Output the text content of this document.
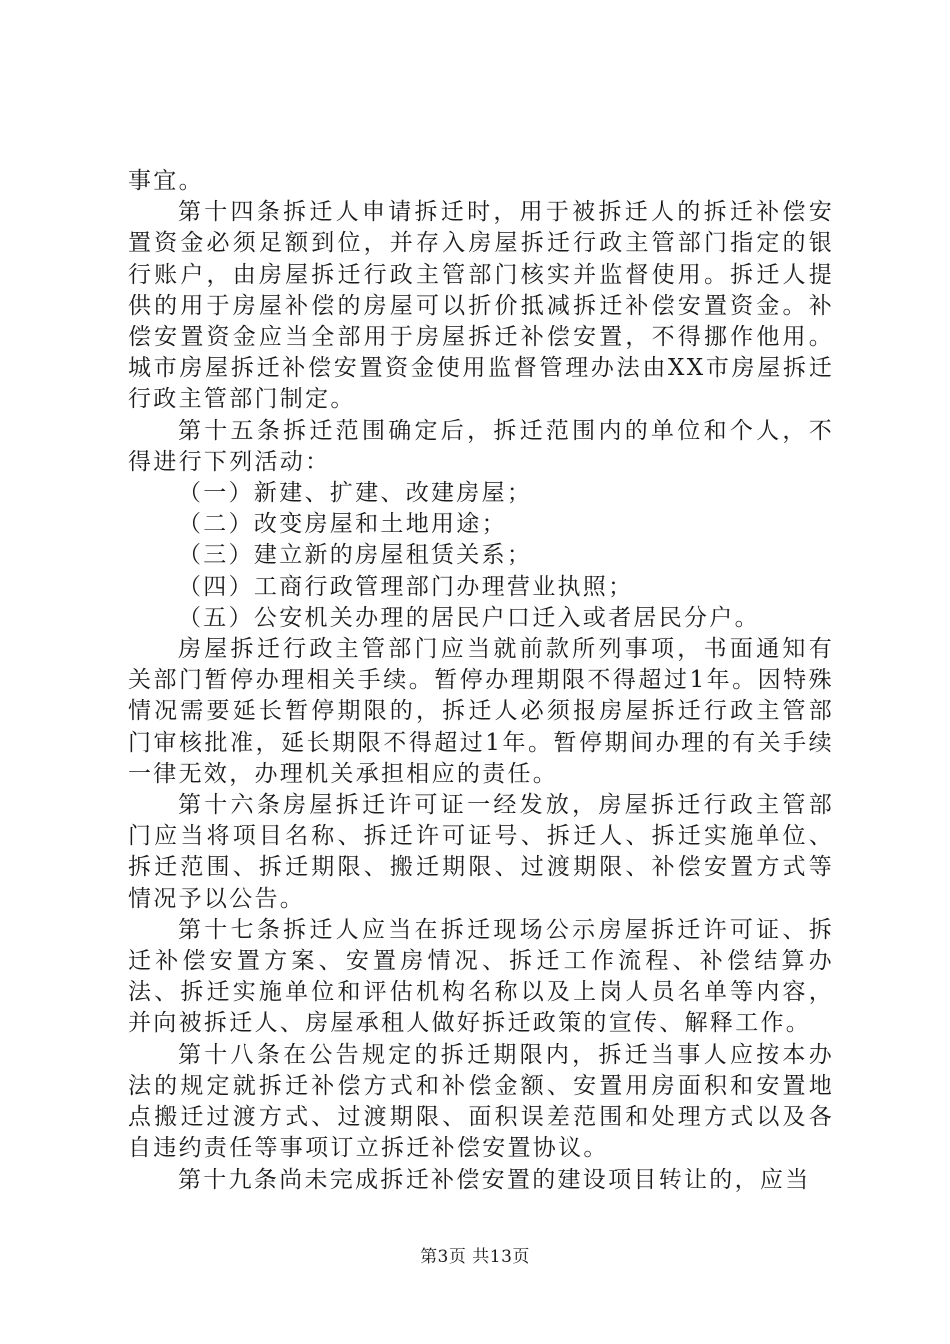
事宜。

第十四条拆迁人申请拆迁时，用于被拆迁人的拆迁补偿安置资金必须足额到位，并存入房屋拆迁行政主管部门指定的银行账户，由房屋拆迁行政主管部门核实并监督使用。拆迁人提供的用于房屋补偿的房屋可以折价抵减拆迁补偿安置资金。补偿安置资金应当全部用于房屋拆迁补偿安置，不得挪作他用。城市房屋拆迁补偿安置资金使用监督管理办法由XX市房屋拆迁行政主管部门制定。

第十五条拆迁范围确定后，拆迁范围内的单位和个人，不得进行下列活动：

（一）新建、扩建、改建房屋；

（二）改变房屋和土地用途；

（三）建立新的房屋租赁关系；

（四）工商行政管理部门办理营业执照；

（五）公安机关办理的居民户口迁入或者居民分户。

房屋拆迁行政主管部门应当就前款所列事项，书面通知有关部门暂停办理相关手续。暂停办理期限不得超过1年。因特殊情况需要延长暂停期限的，拆迁人必须报房屋拆迁行政主管部门审核批准，延长期限不得超过1年。暂停期间办理的有关手续一律无效，办理机关承担相应的责任。

第十六条房屋拆迁许可证一经发放，房屋拆迁行政主管部门应当将项目名称、拆迁许可证号、拆迁人、拆迁实施单位、拆迁范围、拆迁期限、搬迁期限、过渡期限、补偿安置方式等情况予以公告。

第十七条拆迁人应当在拆迁现场公示房屋拆迁许可证、拆迁补偿安置方案、安置房情况、拆迁工作流程、补偿结算办法、拆迁实施单位和评估机构名称以及上岗人员名单等内容，并向被拆迁人、房屋承租人做好拆迁政策的宣传、解释工作。

第十八条在公告规定的拆迁期限内，拆迁当事人应按本办法的规定就拆迁补偿方式和补偿金额、安置用房面积和安置地点搬迁过渡方式、过渡期限、面积误差范围和处理方式以及各自违约责任等事项订立拆迁补偿安置协议。

第十九条尚未完成拆迁补偿安置的建设项目转让的，应当

第3页 共13页
